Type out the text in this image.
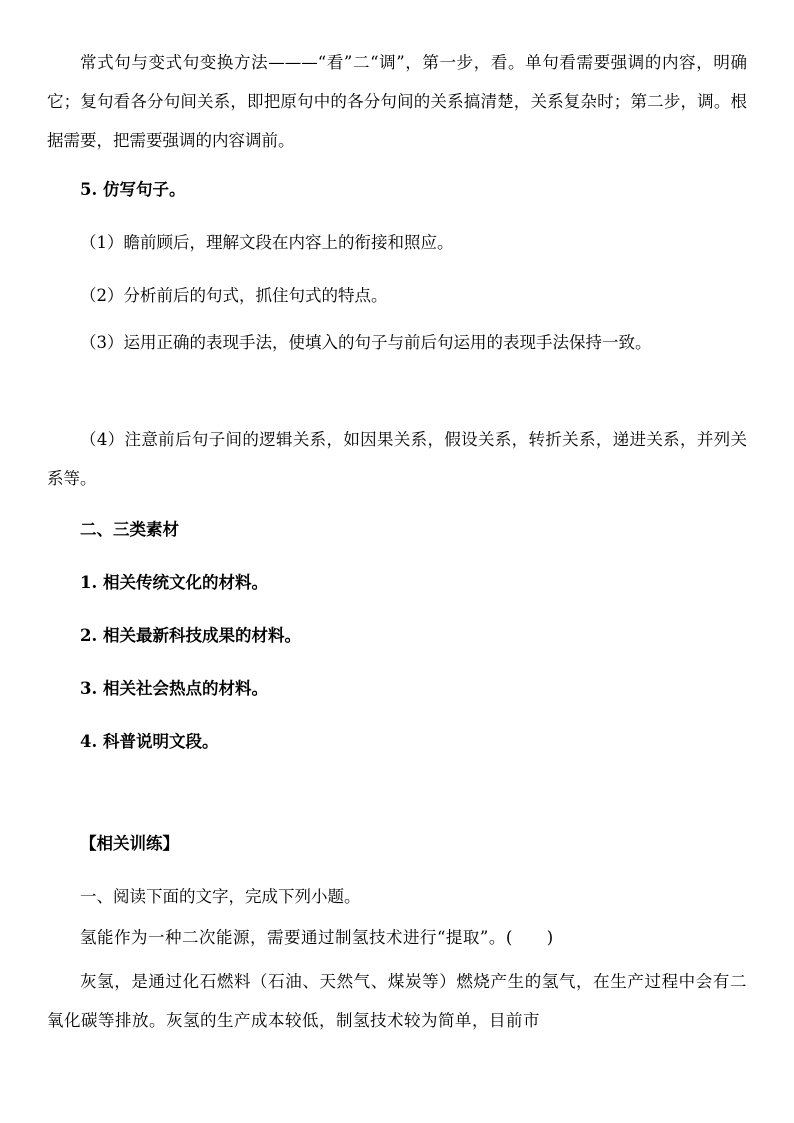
常式句与变式句变换方法———“看”二“调”，第一步，看。单句看需要强调的内容，明确它；复句看各分句间关系，即把原句中的各分句间的关系搞清楚，关系复杂时；第二步，调。根据需要，把需要强调的内容调前。

5. 仿写句子。

（1）瞻前顾后，理解文段在内容上的衔接和照应。

（2）分析前后的句式，抓住句式的特点。

（3）运用正确的表现手法，使填入的句子与前后句运用的表现手法保持一致。

（4）注意前后句子间的逻辑关系，如因果关系，假设关系，转折关系，递进关系，并列关系等。

二、三类素材

1. 相关传统文化的材料。

2. 相关最新科技成果的材料。

3. 相关社会热点的材料。

4. 科普说明文段。

【相关训练】

一、阅读下面的文字，完成下列小题。

氢能作为一种二次能源，需要通过制氢技术进行“提取”。(　　)

灰氢，是通过化石燃料（石油、天然气、煤炭等）燃烧产生的氢气，在生产过程中会有二氧化碳等排放。灰氢的生产成本较低，制氢技术较为简单，目前市
